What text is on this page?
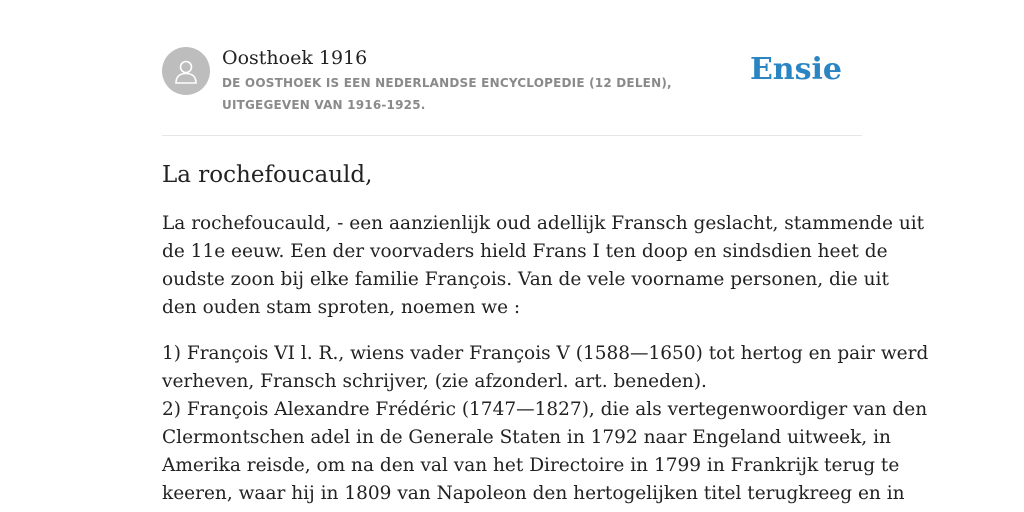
Oosthoek 1916
DE OOSTHOEK IS EEN NEDERLANDSE ENCYCLOPEDIE (12 DELEN), UITGEGEVEN VAN 1916-1925.
Ensie
La rochefoucauld,
La rochefoucauld, - een aanzienlijk oud adellijk Fransch geslacht, stammende uit
de 11e eeuw. Een der voorvaders hield Frans I ten doop en sindsdien heet de
oudste zoon bij elke familie François. Van de vele voorname personen, die uit
den ouden stam sproten, noemen we :
1) François VI l. R., wiens vader François V (1588—1650) tot hertog en pair werd
verheven, Fransch schrijver, (zie afzonderl. art. beneden).
2) François Alexandre Frédéric (1747—1827), die als vertegenwoordiger van den
Clermontschen adel in de Generale Staten in 1792 naar Engeland uitweek, in
Amerika reisde, om na den val van het Directoire in 1799 in Frankrijk terug te
keeren, waar hij in 1809 van Napoleon den hertogelijken titel terugkreeg en in
